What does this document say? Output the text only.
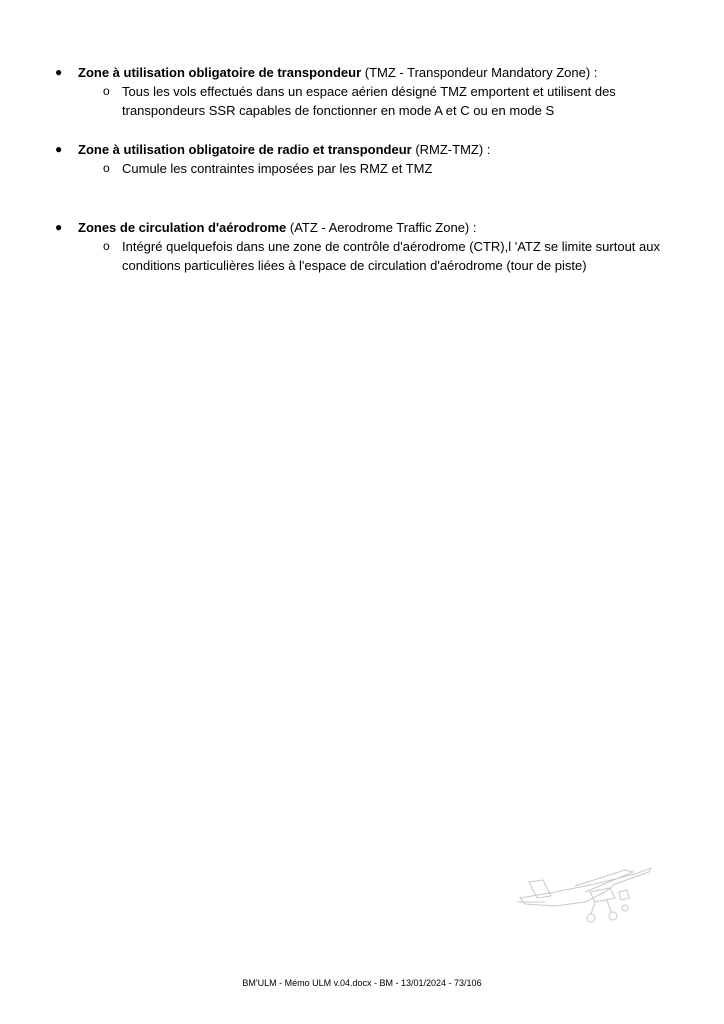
●	Zone à utilisation obligatoire de transpondeur (TMZ - Transpondeur Mandatory Zone) :
o Tous les vols effectués dans un espace aérien désigné TMZ emportent et utilisent des
transpondeurs SSR capables de fonctionner en mode A et C ou en mode S
●	Zone à utilisation obligatoire de radio et transpondeur (RMZ-TMZ) :
o Cumule les contraintes imposées par les RMZ et TMZ
●	Zones de circulation d'aérodrome (ATZ - Aerodrome Traffic Zone) :
o Intégré quelquefois dans une zone de contrôle d'aérodrome (CTR),l 'ATZ se limite surtout aux
conditions particulières liées à l'espace de circulation d'aérodrome (tour de piste)
BM'ULM - Mémo ULM v.04.docx - BM - 13/01/2024 - 73/106
